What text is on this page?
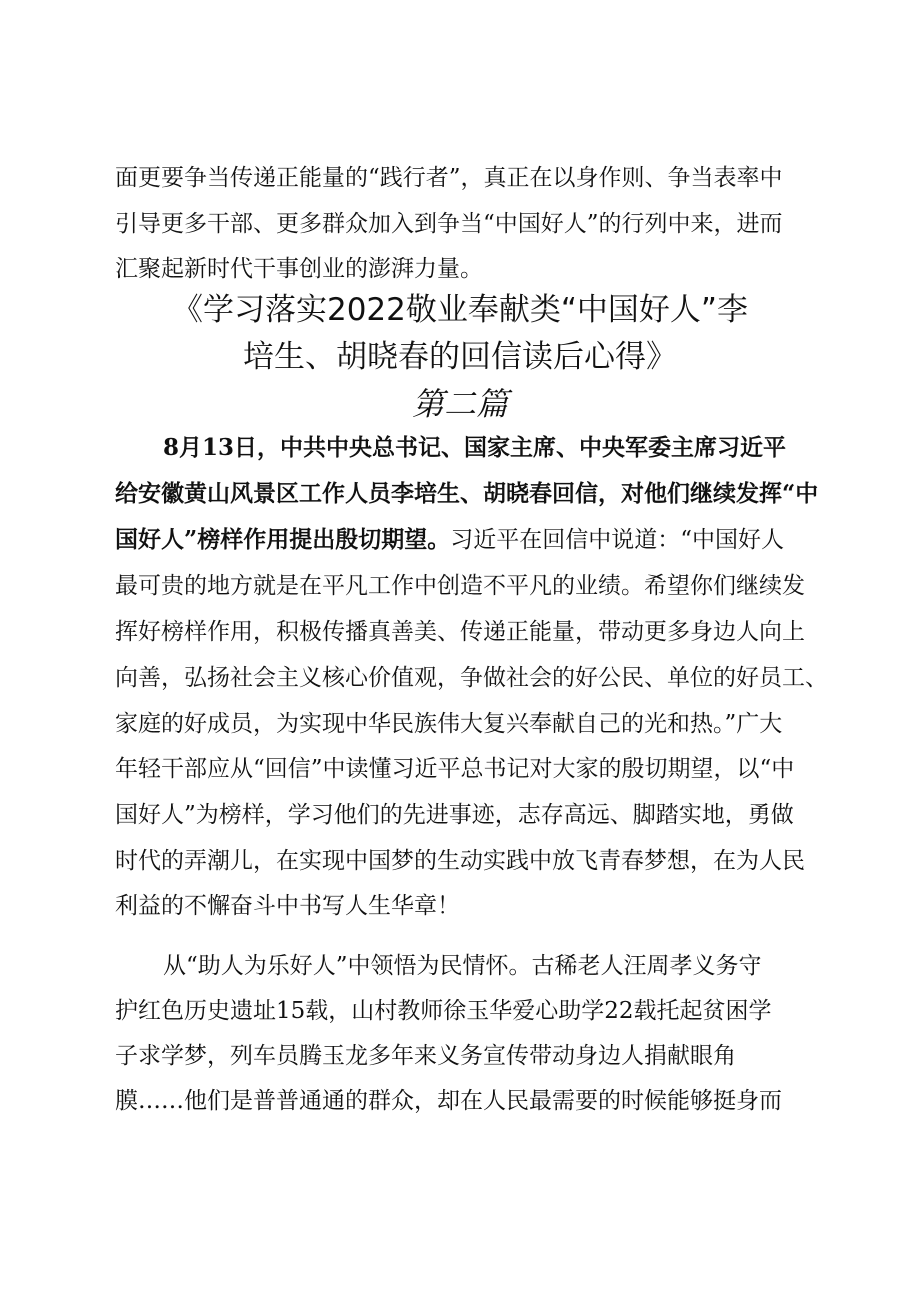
面更要争当传递正能量的“践行者”，真正在以身作则、争当表率中
引导更多干部、更多群众加入到争当“中国好人”的行列中来，进而
汇聚起新时代干事创业的澎湃力量。
《学习落实2022敬业奉献类“中国好人”李
培生、胡晓春的回信读后心得》
第二篇
8月13日，中共中央总书记、国家主席、中央军委主席习近平
给安徽黄山风景区工作人员李培生、胡晓春回信，对他们继续发挥“中
国好人”榜样作用提出殷切期望。习近平在回信中说道：“中国好人
最可贵的地方就是在平凡工作中创造不平凡的业绩。希望你们继续发
挥好榜样作用，积极传播真善美、传递正能量，带动更多身边人向上
向善，弘扬社会主义核心价值观，争做社会的好公民、单位的好员工、
家庭的好成员，为实现中华民族伟大复兴奉献自己的光和热。”广大
年轻干部应从“回信”中读懂习近平总书记对大家的殷切期望，以“中
国好人”为榜样，学习他们的先进事迹，志存高远、脚踏实地，勇做
时代的弄潮儿，在实现中国梦的生动实践中放飞青春梦想，在为人民
利益的不懈奋斗中书写人生华章！
从“助人为乐好人”中领悟为民情怀。古稀老人汪周孝义务守
护红色历史遗址15载，山村教师徐玉华爱心助学22载托起贫困学
子求学梦，列车员腾玉龙多年来义务宣传带动身边人捐献眼角
膜……他们是普普通通的群众，却在人民最需要的时候能够挺身而
